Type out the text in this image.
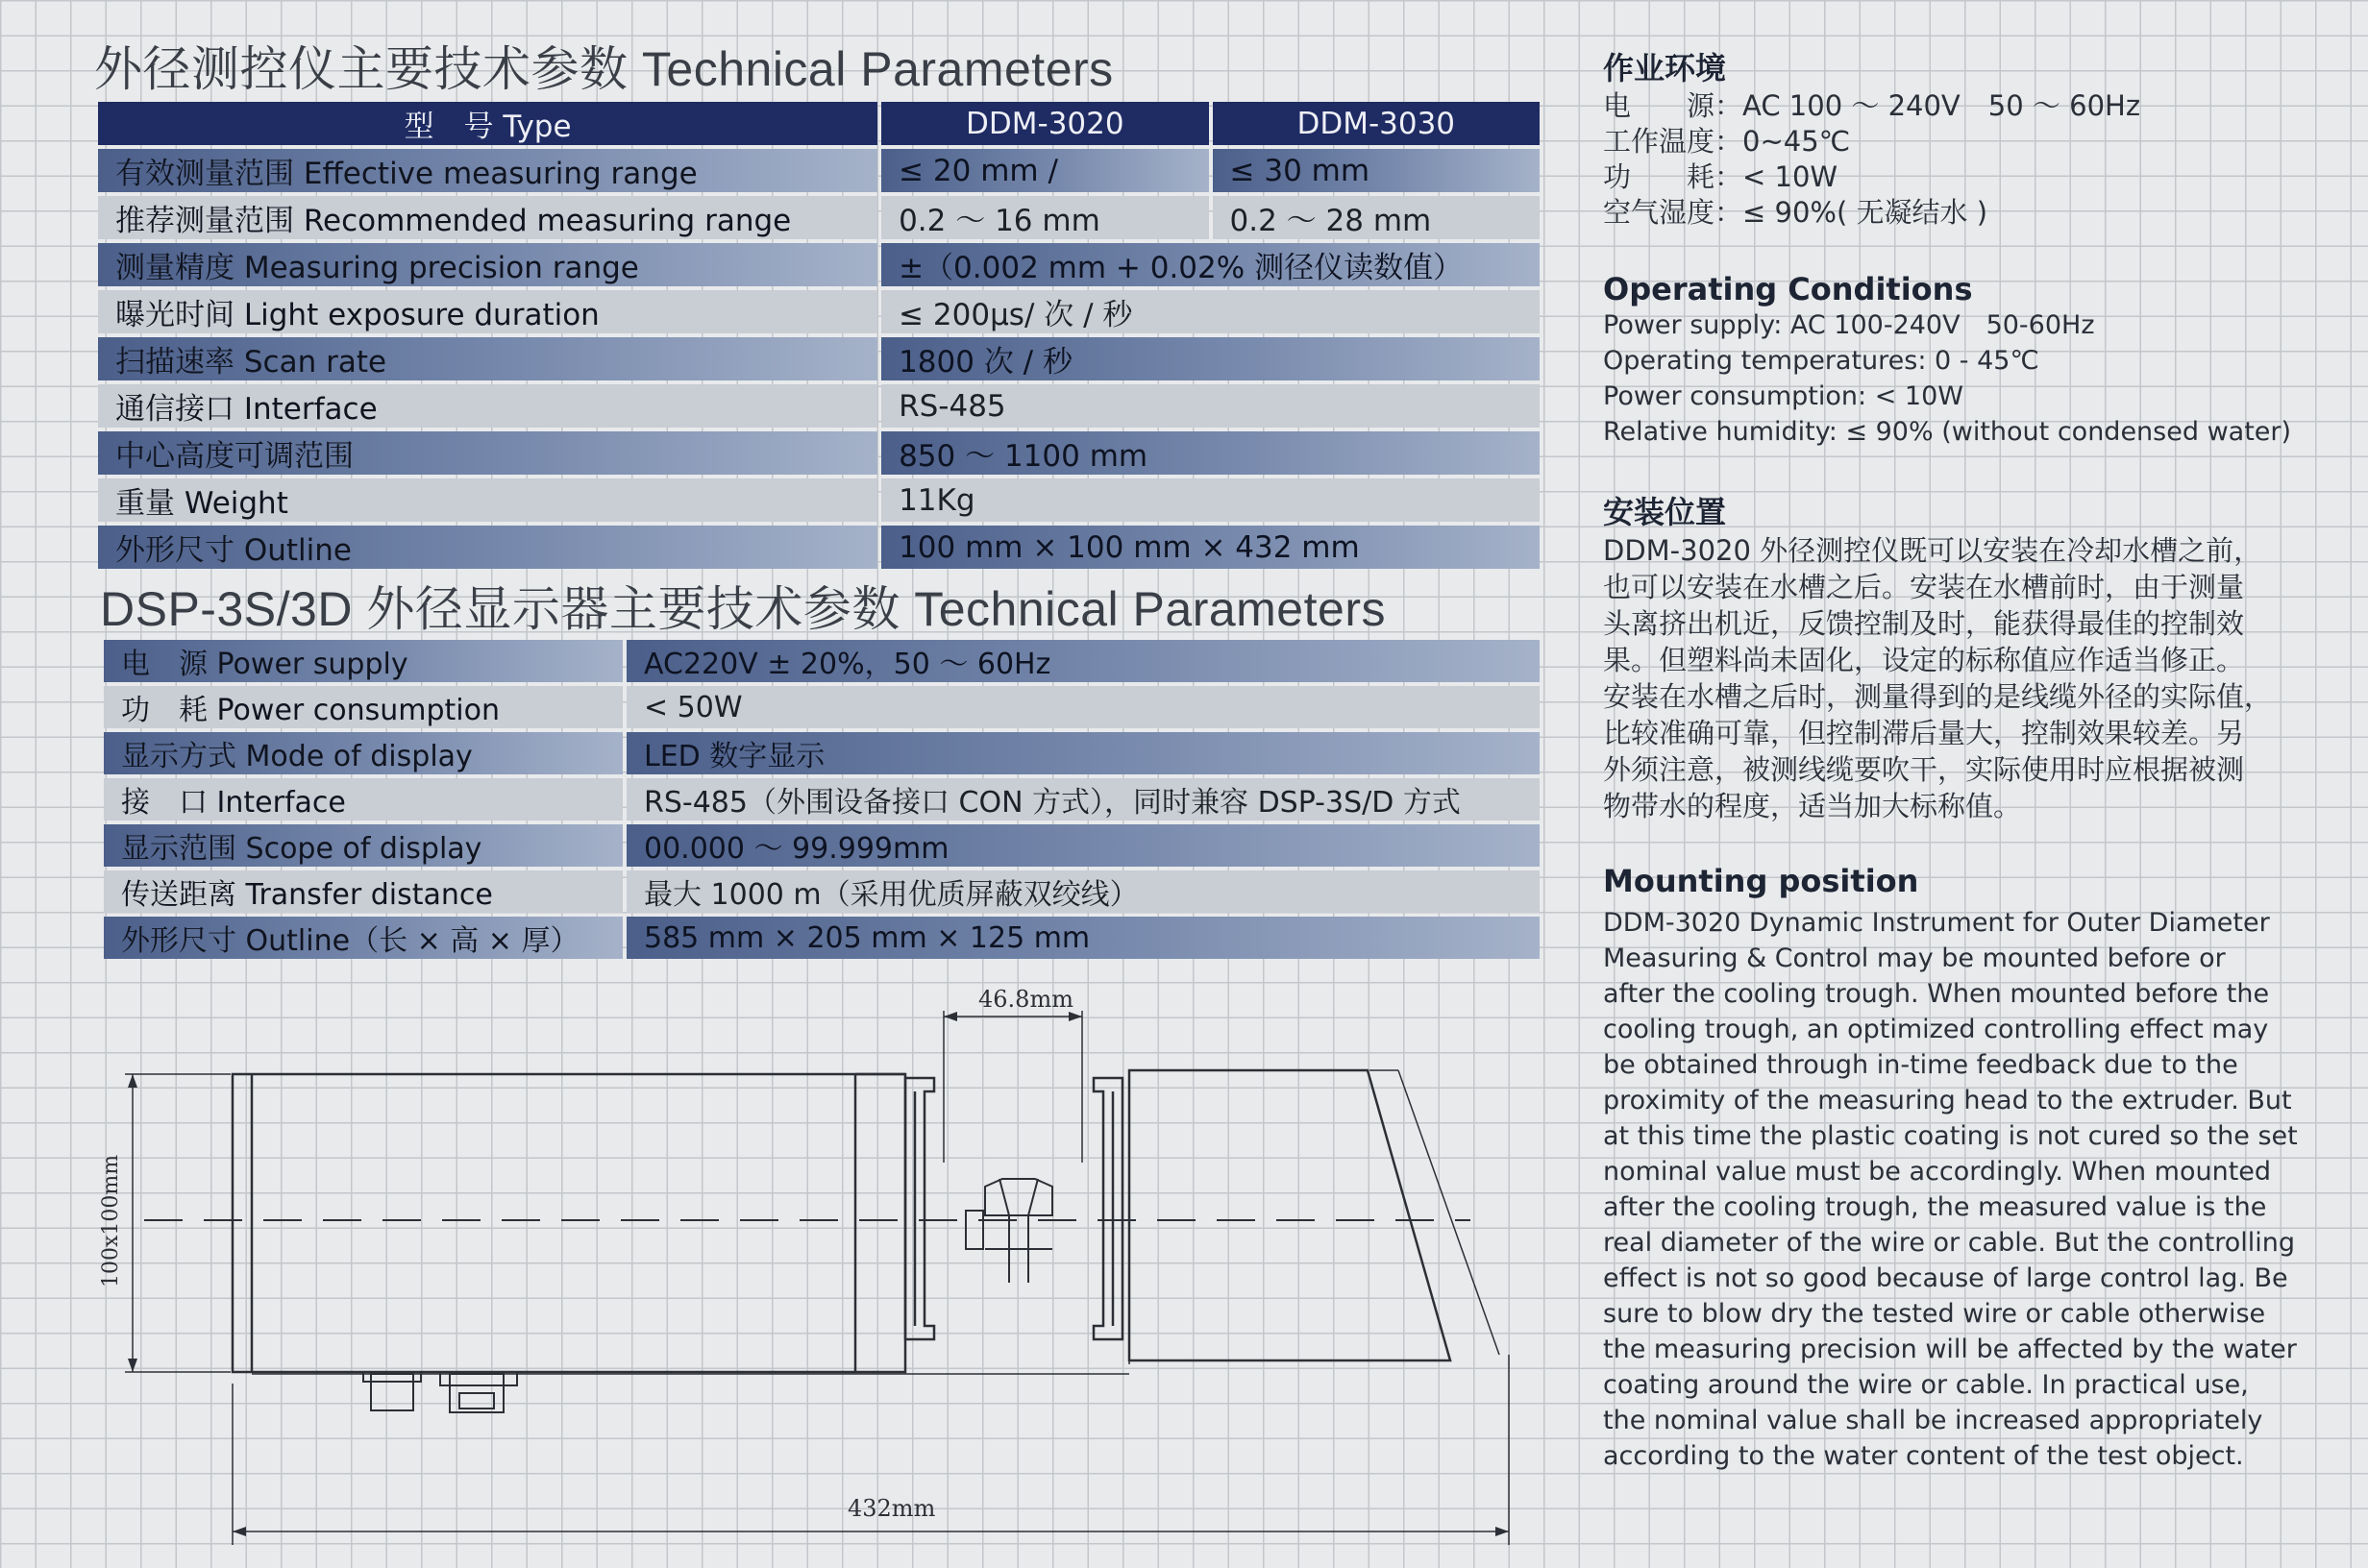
外径测控仪主要技术参数 Technical Parameters
型　号 Type	DDM-3020	DDM-3030
有效测量范围 Effective measuring range	≤ 20 mm /	≤ 30 mm
推荐测量范围 Recommended measuring range	0.2 ～ 16 mm	0.2 ～ 28 mm
测量精度 Measuring precision range	±（0.002 mm + 0.02% 测径仪读数值）	
曝光时间 Light exposure duration	≤ 200μs/ 次 / 秒	
扫描速率 Scan rate	1800 次 / 秒	
通信接口 Interface	RS-485	
中心高度可调范围	850 ～ 1100 mm	
重量 Weight	11Kg	
外形尺寸 Outline	100 mm × 100 mm × 432 mm	
DSP-3S/3D 外径显示器主要技术参数 Technical Parameters
电　源 Power supply	AC220V ± 20%，50 ～ 60Hz
功　耗 Power consumption	< 50W
显示方式 Mode of display	LED 数字显示
接　口 Interface	RS-485（外围设备接口 CON 方式），同时兼容 DSP-3S/D 方式
显示范围 Scope of display	00.000 ～ 99.999mm
传送距离 Transfer distance	最大 1000 m（采用优质屏蔽双绞线）
外形尺寸 Outline（长 × 高 × 厚）	585 mm × 205 mm × 125 mm
46.8mm
100x100mm
432mm
作业环境
电　　源：AC 100 ～ 240V　50 ～ 60Hz
工作温度：0~45℃
功　　耗：< 10W
空气湿度：≤ 90%( 无凝结水 )
Operating Conditions
Power supply: AC 100-240V　50-60Hz
Operating temperatures: 0 - 45℃
Power consumption: < 10W
Relative humidity: ≤ 90% (without condensed water)
安装位置
DDM-3020 外径测控仪既可以安装在冷却水槽之前，
也可以安装在水槽之后。安装在水槽前时，由于测量
头离挤出机近，反馈控制及时，能获得最佳的控制效
果。但塑料尚未固化，设定的标称值应作适当修正。
安装在水槽之后时，测量得到的是线缆外径的实际值，
比较准确可靠，但控制滞后量大，控制效果较差。另
外须注意，被测线缆要吹干，实际使用时应根据被测
物带水的程度，适当加大标称值。
Mounting position
DDM-3020 Dynamic Instrument for Outer Diameter
Measuring & Control may be mounted before or
after the cooling trough. When mounted before the
cooling trough, an optimized controlling effect may
be obtained through in-time feedback due to the
proximity of the measuring head to the extruder. But
at this time the plastic coating is not cured so the set
nominal value must be accordingly. When mounted
after the cooling trough, the measured value is the
real diameter of the wire or cable. But the controlling
effect is not so good because of large control lag. Be
sure to blow dry the tested wire or cable otherwise
the measuring precision will be affected by the water
coating around the wire or cable. In practical use,
the nominal value shall be increased appropriately
according to the water content of the test object.
